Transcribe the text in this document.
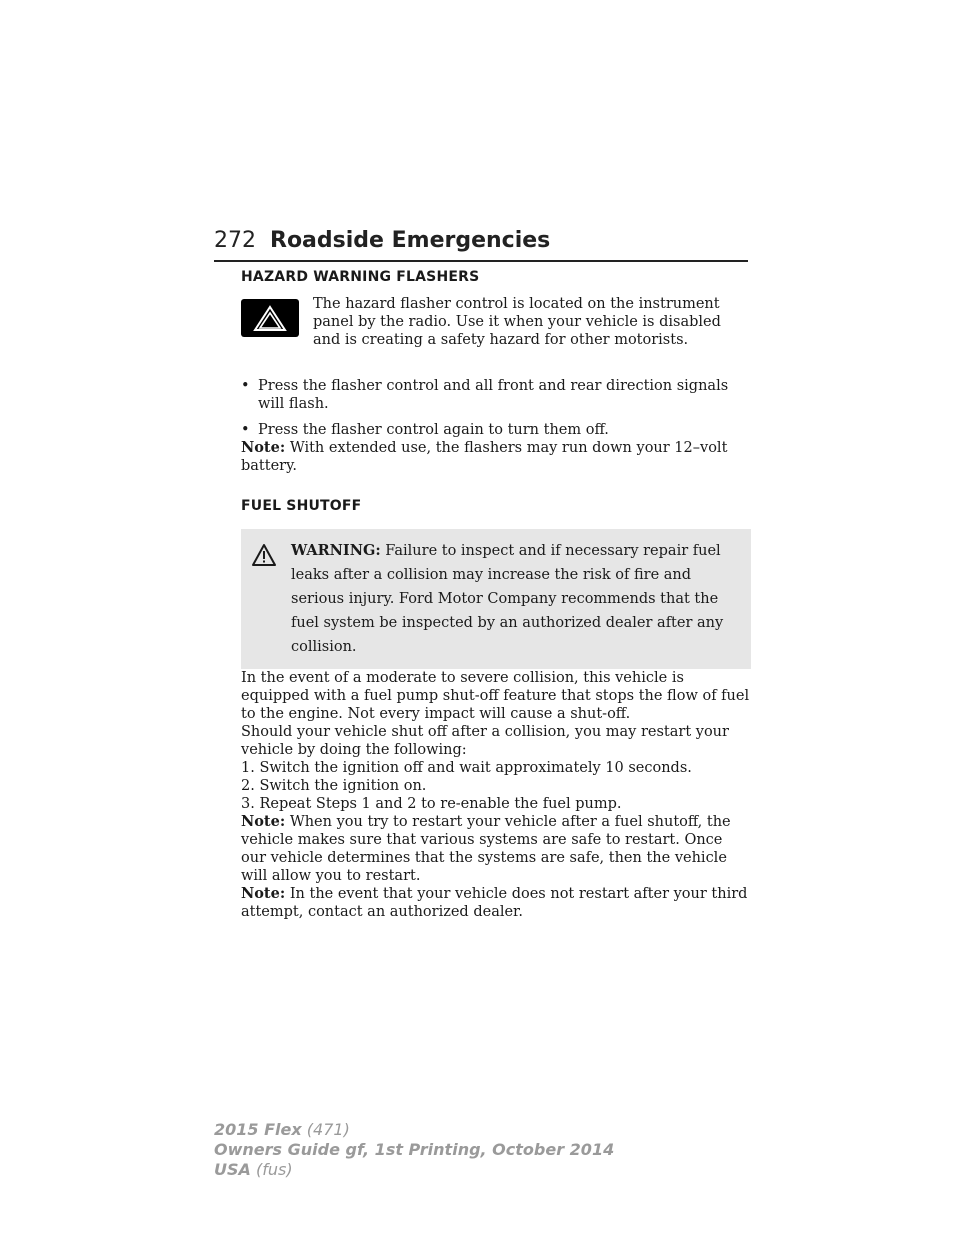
272 Roadside Emergencies
HAZARD WARNING FLASHERS

The hazard flasher control is located on the instrument panel by the radio. Use it when your vehicle is disabled and is creating a safety hazard for other motorists.

• Press the flasher control and all front and rear direction signals will flash.
• Press the flasher control again to turn them off.

Note: With extended use, the flashers may run down your 12–volt battery.

FUEL SHUTOFF

WARNING: Failure to inspect and if necessary repair fuel leaks after a collision may increase the risk of fire and serious injury. Ford Motor Company recommends that the fuel system be inspected by an authorized dealer after any collision.

In the event of a moderate to severe collision, this vehicle is equipped with a fuel pump shut-off feature that stops the flow of fuel to the engine. Not every impact will cause a shut-off.

Should your vehicle shut off after a collision, you may restart your vehicle by doing the following:

1. Switch the ignition off and wait approximately 10 seconds.

2. Switch the ignition on.

3. Repeat Steps 1 and 2 to re-enable the fuel pump.

Note: When you try to restart your vehicle after a fuel shutoff, the vehicle makes sure that various systems are safe to restart. Once our vehicle determines that the systems are safe, then the vehicle will allow you to restart.

Note: In the event that your vehicle does not restart after your third attempt, contact an authorized dealer.

2015 Flex (471)
Owners Guide gf, 1st Printing, October 2014
USA (fus)
